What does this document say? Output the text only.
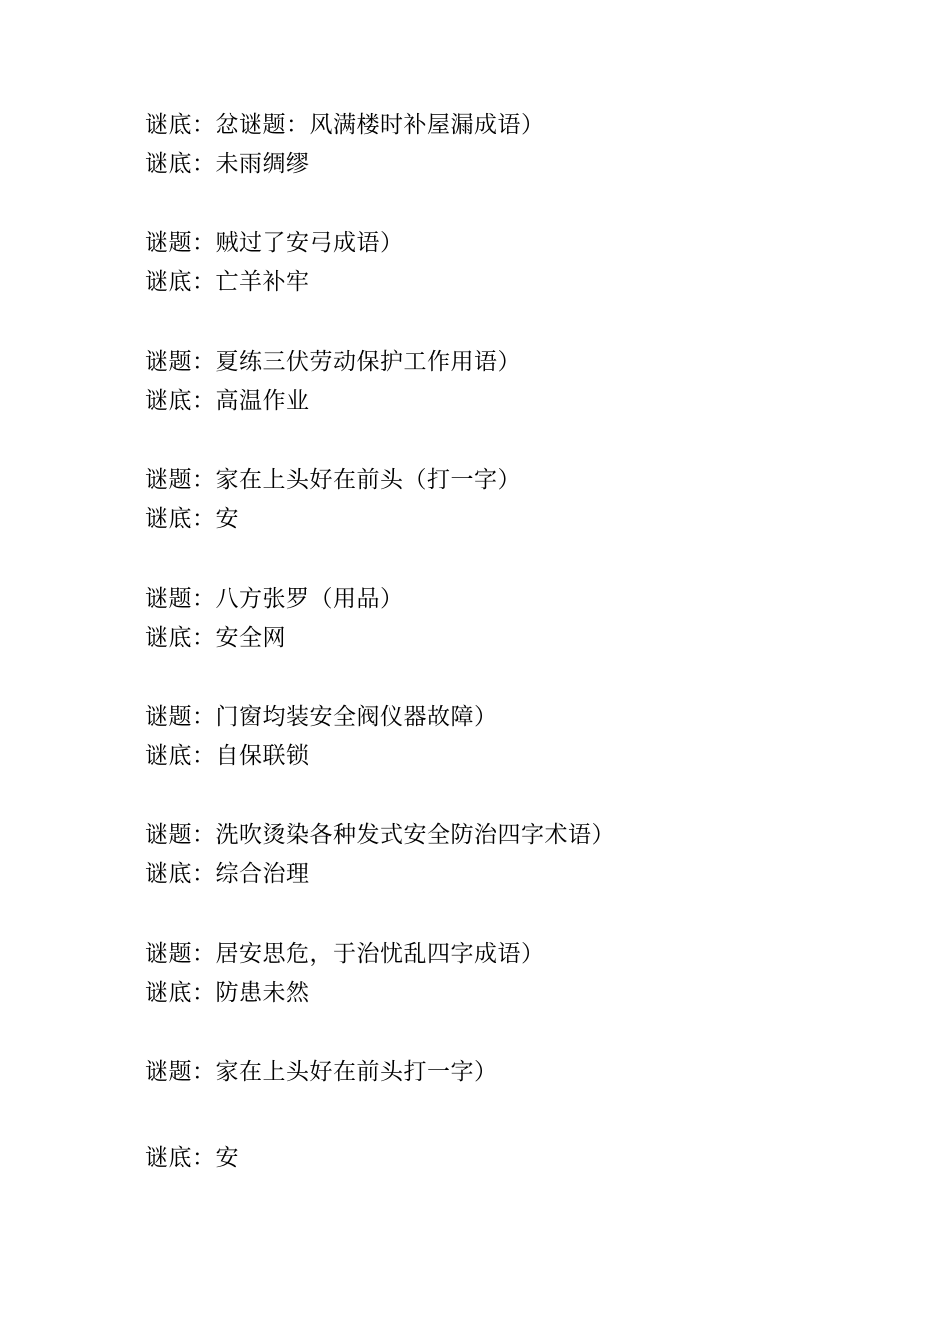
谜底：忿谜题：风满楼时补屋漏成语）
谜底：未雨绸缪
谜题：贼过了安弓成语）
谜底：亡羊补牢
谜题：夏练三伏劳动保护工作用语）
谜底：高温作业
谜题：家在上头好在前头（打一字）
谜底：安
谜题：八方张罗（用品）
谜底：安全网
谜题：门窗均装安全阀仪器故障）
谜底：自保联锁
谜题：洗吹烫染各种发式安全防治四字术语）
谜底：综合治理
谜题：居安思危，于治忧乱四字成语）
谜底：防患未然
谜题：家在上头好在前头打一字）
谜底：安
